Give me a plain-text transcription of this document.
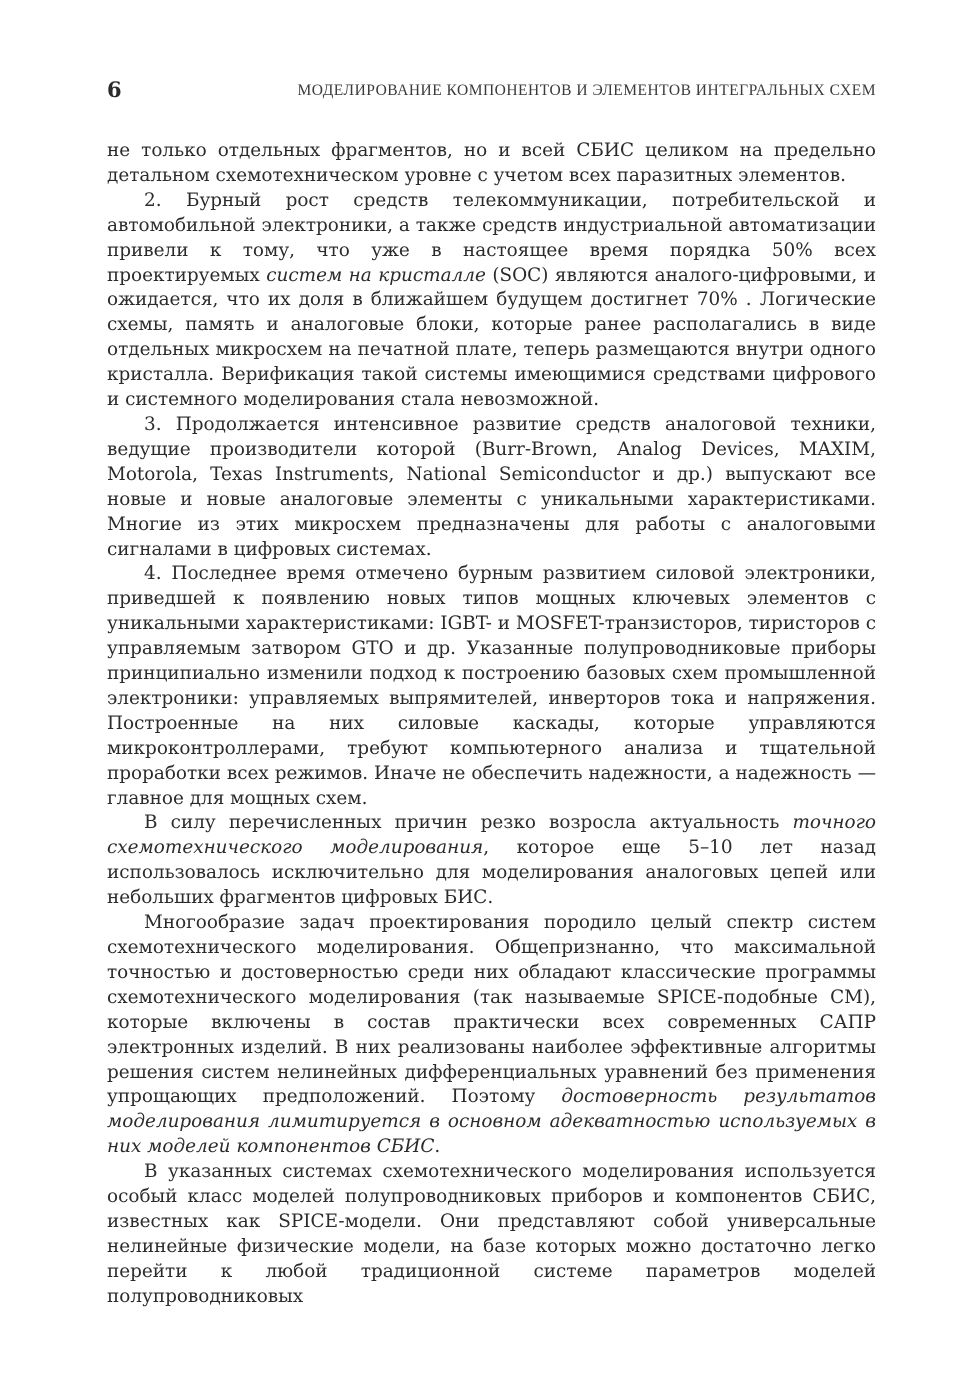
6	МОДЕЛИРОВАНИЕ КОМПОНЕНТОВ И ЭЛЕМЕНТОВ ИНТЕГРАЛЬНЫХ СХЕМ

не только отдельных фрагментов, но и всей СБИС целиком на предельно детальном схемотехническом уровне с учетом всех паразитных элементов.

2. Бурный рост средств телекоммуникации, потребительской и автомобильной электроники, а также средств индустриальной автоматизации привели к тому, что уже в настоящее время порядка 50% всех проектируемых систем на кристалле (SOC) являются аналого-цифровыми, и ожидается, что их доля в ближайшем будущем достигнет 70% . Логические схемы, память и аналоговые блоки, которые ранее располагались в виде отдельных микросхем на печатной плате, теперь размещаются внутри одного кристалла. Верификация такой системы имеющимися средствами цифрового и системного моделирования стала невозможной.

3. Продолжается интенсивное развитие средств аналоговой техники, ведущие производители которой (Burr-Brown, Analog Devices, MAXIM, Motorola, Texas Instruments, National Semiconductor и др.) выпускают все новые и новые аналоговые элементы с уникальными характеристиками. Многие из этих микросхем предназначены для работы с аналоговыми сигналами в цифровых системах.

4. Последнее время отмечено бурным развитием силовой электроники, приведшей к появлению новых типов мощных ключевых элементов с уникальными характеристиками: IGBT- и MOSFET-транзисторов, тиристоров с управляемым затвором GTO и др. Указанные полупроводниковые приборы принципиально изменили подход к построению базовых схем промышленной электроники: управляемых выпрямителей, инверторов тока и напряжения. Построенные на них силовые каскады, которые управляются микроконтроллерами, требуют компьютерного анализа и тщательной проработки всех режимов. Иначе не обеспечить надежности, а надежность — главное для мощных схем.

В силу перечисленных причин резко возросла актуальность точного схемотехнического моделирования, которое еще 5–10 лет назад использовалось исключительно для моделирования аналоговых цепей или небольших фрагментов цифровых БИС.

Многообразие задач проектирования породило целый спектр систем схемотехнического моделирования. Общепризнанно, что максимальной точностью и достоверностью среди них обладают классические программы схемотехнического моделирования (так называемые SPICE-подобные СМ), которые включены в состав практически всех современных САПР электронных изделий. В них реализованы наиболее эффективные алгоритмы решения систем нелинейных дифференциальных уравнений без применения упрощающих предположений. Поэтому достоверность результатов моделирования лимитируется в основном адекватностью используемых в них моделей компонентов СБИС.

В указанных системах схемотехнического моделирования используется особый класс моделей полупроводниковых приборов и компонентов СБИС, известных как SPICE-модели. Они представляют собой универсальные нелинейные физические модели, на базе которых можно достаточно легко перейти к любой традиционной системе параметров моделей полупроводниковых
